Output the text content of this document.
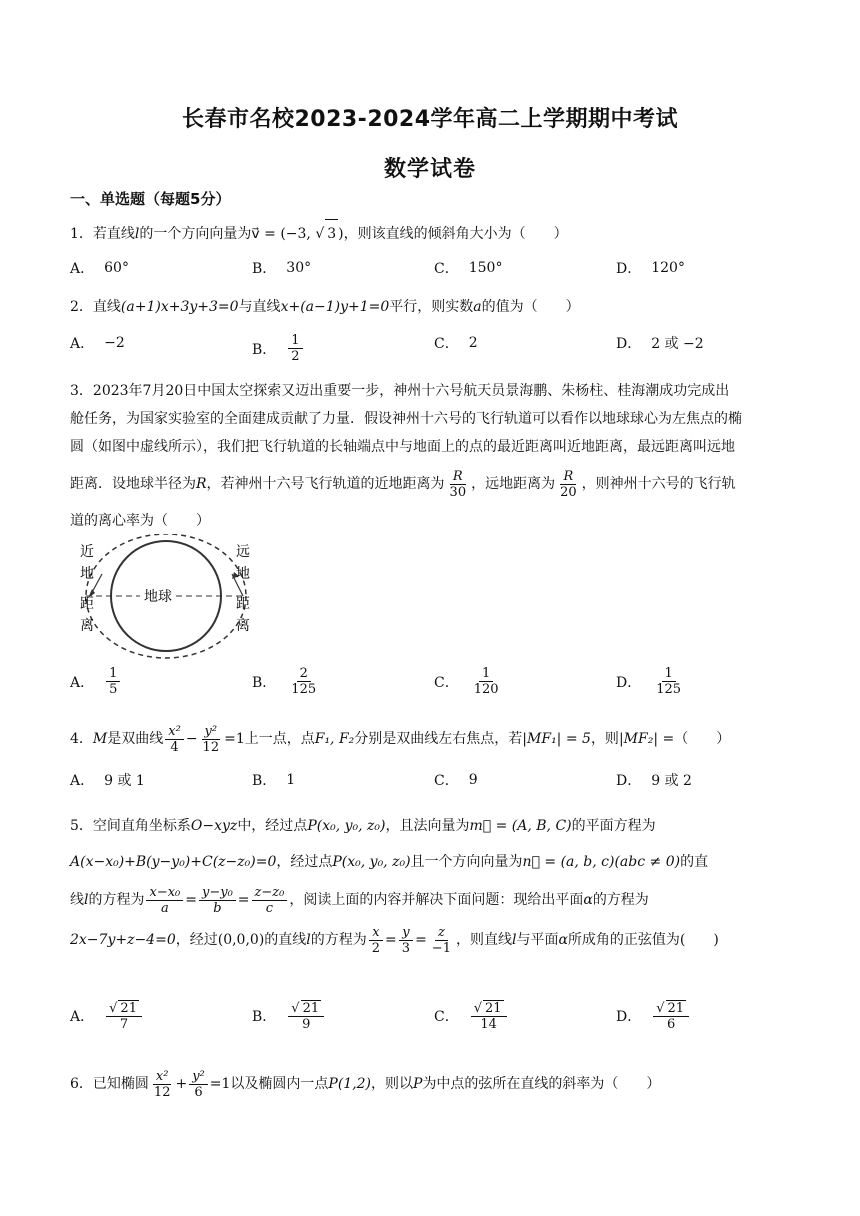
长春市名校2023-2024学年高二上学期期中考试
数学试卷
一、单选题（每题5分）
1．若直线l的一个方向向量为v⃗ = (−3, √ 3 )，则该直线的倾斜角大小为（　　）
A． 60°	B． 30°	C． 150°	D． 120°
2．直线(a+1)x+3y+3=0与直线x+(a−1)y+1=0平行，则实数a的值为（　　）
A． −2	B． $\frac{1}{2}$	C． 2	D． 2 或 −2
3．2023年7月20日中国太空探索又迈出重要一步，神州十六号航天员景海鹏、朱杨柱、桂海潮成功完成出
舱任务，为国家实验室的全面建成贡献了力量．假设神州十六号的飞行轨道可以看作以地球球心为左焦点的椭
圆（如图中虚线所示），我们把飞行轨道的长轴端点中与地面上的点的最近距离叫近地距离，最远距离叫远地
距离．设地球半径为R，若神州十六号飞行轨道的近地距离为 $\frac{R}{30}$ ，远地距离为 $\frac{R}{20}$ ，则神州十六号的飞行轨
道的离心率为（　　）
近
地
距
离
远
地
距
离
地球
A． $\frac{1}{5}$	B． $\frac{2}{125}$	C． $\frac{1}{120}$	D． $\frac{1}{125}$
4．M是双曲线 $\frac{\text{x²}}{4} - \frac{\text{y²}}{12} =1$上一点，点F₁, F₂分别是双曲线左右焦点，若|MF₁| = 5，则|MF₂| =（　　）
A． 9 或 1	B． 1	C． 9	D． 9 或 2
5．空间直角坐标系O−xyz中，经过点P(x₀, y₀, z₀)，且法向量为m⃗ = (A, B, C)的平面方程为
A(x−x₀)+B(y−y₀)+C(z−z₀)=0，经过点P(x₀, y₀, z₀)且一个方向向量为n⃗ = (a, b, c)(abc ≠ 0)的直
线l的方程为 $\frac{\text{x−x₀}}{a} = \frac{\text{y−y₀}}{b} = \frac{\text{z−z₀}}{c}$ ，阅读上面的内容并解决下面问题：现给出平面α的方程为
2x−7y+z−4=0，经过(0,0,0)的直线l的方程为 $\frac{x}{2} = \frac{y}{3} = \frac{z}{-1}$ ，则直线l与平面α所成角的正弦值为(　　)
A． $\frac{√ 21}{7}$	B． $\frac{√ 21}{9}$	C． $\frac{√ 21}{14}$	D． $\frac{√ 21}{6}$
6．已知椭圆 $\frac{\text{x²}}{12} + \frac{\text{y²}}{6} =1$以及椭圆内一点P(1,2)，则以P为中点的弦所在直线的斜率为（　　）
